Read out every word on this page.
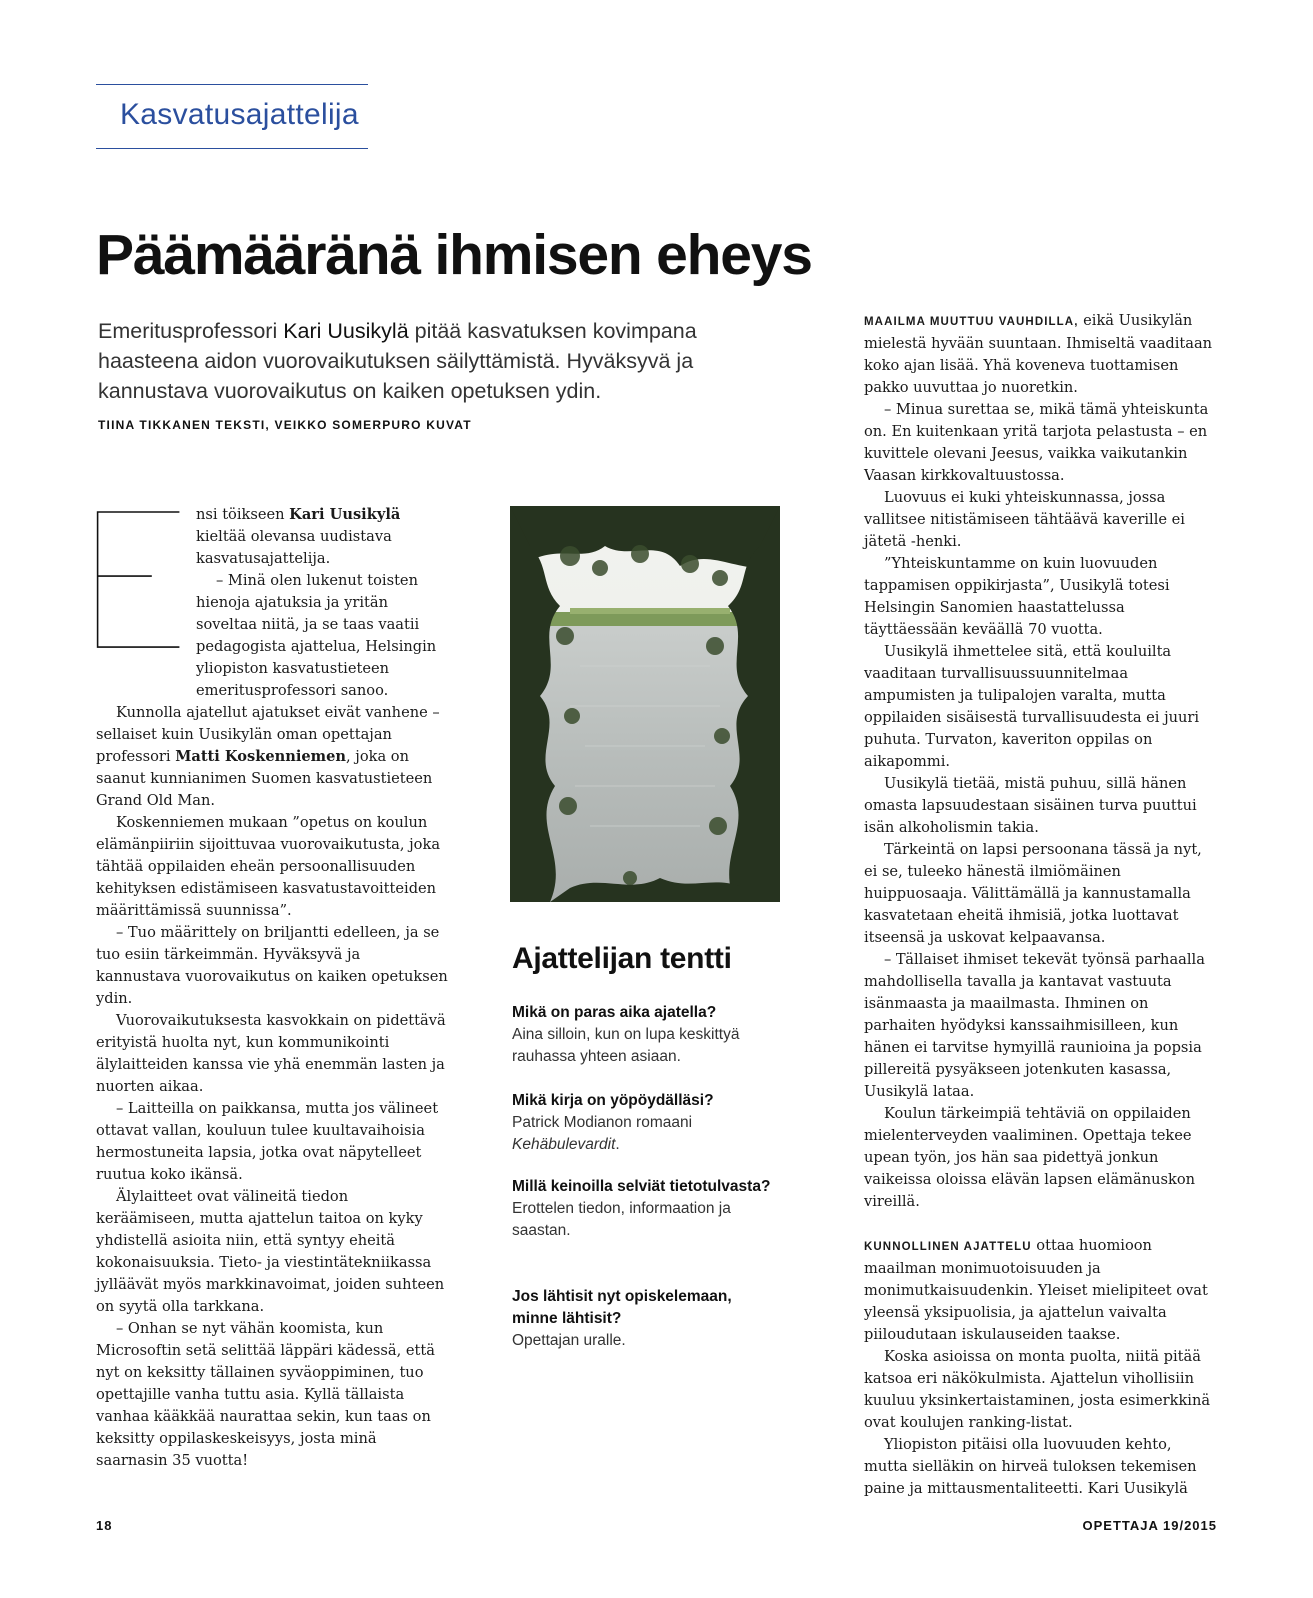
Kasvatusajattelija
Päämääränä ihmisen eheys

Emeritusprofessori Kari Uusikylä pitää kasvatuksen kovimpana haasteena aidon vuorovaikutuksen säilyttämistä. Hyväksyvä ja kannustava vuorovaikutus on kaiken opetuksen ydin.

TIINA TIKKANEN TEKSTI, VEIKKO SOMERPURO KUVAT

nsi töikseen Kari Uusikylä kieltää olevansa uudistava kasvatusajattelija.

– Minä olen lukenut toisten hienoja ajatuksia ja yritän soveltaa niitä, ja se taas vaatii pedagogista ajattelua, Helsingin yliopiston kasvatustieteen emeritusprofessori sanoo.

Kunnolla ajatellut ajatukset eivät vanhene – sellaiset kuin Uusikylän oman opettajan professori Matti Koskenniemen, joka on saanut kunnianimen Suomen kasvatustieteen Grand Old Man.

Koskenniemen mukaan ”opetus on koulun elämänpiiriin sijoittuvaa vuorovaikutusta, joka tähtää oppilaiden eheän persoonallisuuden kehityksen edistämiseen kasvatustavoitteiden määrittämissä suunnissa”.

– Tuo määrittely on briljantti edelleen, ja se tuo esiin tärkeimmän. Hyväksyvä ja kannustava vuorovaikutus on kaiken opetuksen ydin.

Vuorovaikutuksesta kasvokkain on pidettävä erityistä huolta nyt, kun kommunikointi älylaitteiden kanssa vie yhä enemmän lasten ja nuorten aikaa.

– Laitteilla on paikkansa, mutta jos välineet ottavat vallan, kouluun tulee kuultavaihoisia hermostuneita lapsia, jotka ovat näpytelleet ruutua koko ikänsä.

Älylaitteet ovat välineitä tiedon keräämiseen, mutta ajattelun taitoa on kyky yhdistellä asioita niin, että syntyy eheitä kokonaisuuksia. Tieto- ja viestintätekniikassa jylläävät myös markkinavoimat, joiden suhteen on syytä olla tarkkana.

– Onhan se nyt vähän koomista, kun Microsoftin setä selittää läppäri kädessä, että nyt on keksitty tällainen syväoppiminen, tuo opettajille vanha tuttu asia. Kyllä tällaista vanhaa kääkkää naurattaa sekin, kun taas on keksitty oppilaskeskeisyys, josta minä saarnasin 35 vuotta!

Ajattelijan tentti
Mikä on paras aika ajatella?
Aina silloin, kun on lupa keskittyä rauhassa yhteen asiaan.
Mikä kirja on yöpöydälläsi?
Patrick Modianon romaani
Kehäbulevardit.
Millä keinoilla selviät tietotulvasta?
Erottelen tiedon, informaation ja saastan.
Jos lähtisit nyt opiskelemaan, minne lähtisit?
Opettajan uralle.

MAAILMA MUUTTUU VAUHDILLA, eikä Uusikylän mielestä hyvään suuntaan. Ihmiseltä vaaditaan koko ajan lisää. Yhä koveneva tuottamisen pakko uuvuttaa jo nuoretkin.

– Minua surettaa se, mikä tämä yhteiskunta on. En kuitenkaan yritä tarjota pelastusta – en kuvittele olevani Jeesus, vaikka vaikutankin Vaasan kirkkovaltuustossa.

Luovuus ei kuki yhteiskunnassa, jossa vallitsee nitistämiseen tähtäävä kaverille ei jätetä -henki.

”Yhteiskuntamme on kuin luovuuden tappamisen oppikirjasta”, Uusikylä totesi Helsingin Sanomien haastattelussa täyttäessään keväällä 70 vuotta.

Uusikylä ihmettelee sitä, että kouluilta vaaditaan turvallisuussuunnitelmaa ampumisten ja tulipalojen varalta, mutta oppilaiden sisäisestä turvallisuudesta ei juuri puhuta. Turvaton, kaveriton oppilas on aikapommi.

Uusikylä tietää, mistä puhuu, sillä hänen omasta lapsuudestaan sisäinen turva puuttui isän alkoholismin takia.

Tärkeintä on lapsi persoonana tässä ja nyt, ei se, tuleeko hänestä ilmiömäinen huippuosaaja. Välittämällä ja kannustamalla kasvatetaan eheitä ihmisiä, jotka luottavat itseensä ja uskovat kelpaavansa.

– Tällaiset ihmiset tekevät työnsä parhaalla mahdollisella tavalla ja kantavat vastuuta isänmaasta ja maailmasta. Ihminen on parhaiten hyödyksi kanssaihmisilleen, kun hänen ei tarvitse hymyillä raunioina ja popsia pillereitä pysyäkseen jotenkuten kasassa, Uusikylä lataa.

Koulun tärkeimpiä tehtäviä on oppilaiden mielenterveyden vaaliminen. Opettaja tekee upean työn, jos hän saa pidettyä jonkun vaikeissa oloissa elävän lapsen elämänuskon vireillä.

KUNNOLLINEN AJATTELU ottaa huomioon maailman monimuotoisuuden ja monimutkaisuudenkin. Yleiset mielipiteet ovat yleensä yksipuolisia, ja ajattelun vaivalta piiloudutaan iskulauseiden taakse.

Koska asioissa on monta puolta, niitä pitää katsoa eri näkökulmista. Ajattelun vihollisiin kuuluu yksinkertaistaminen, josta esimerkkinä ovat koulujen ranking-listat.

Yliopiston pitäisi olla luovuuden kehto, mutta sielläkin on hirveä tuloksen tekemisen paine ja mittausmentaliteetti. Kari Uusikylä

18	OPETTAJA 19/2015
